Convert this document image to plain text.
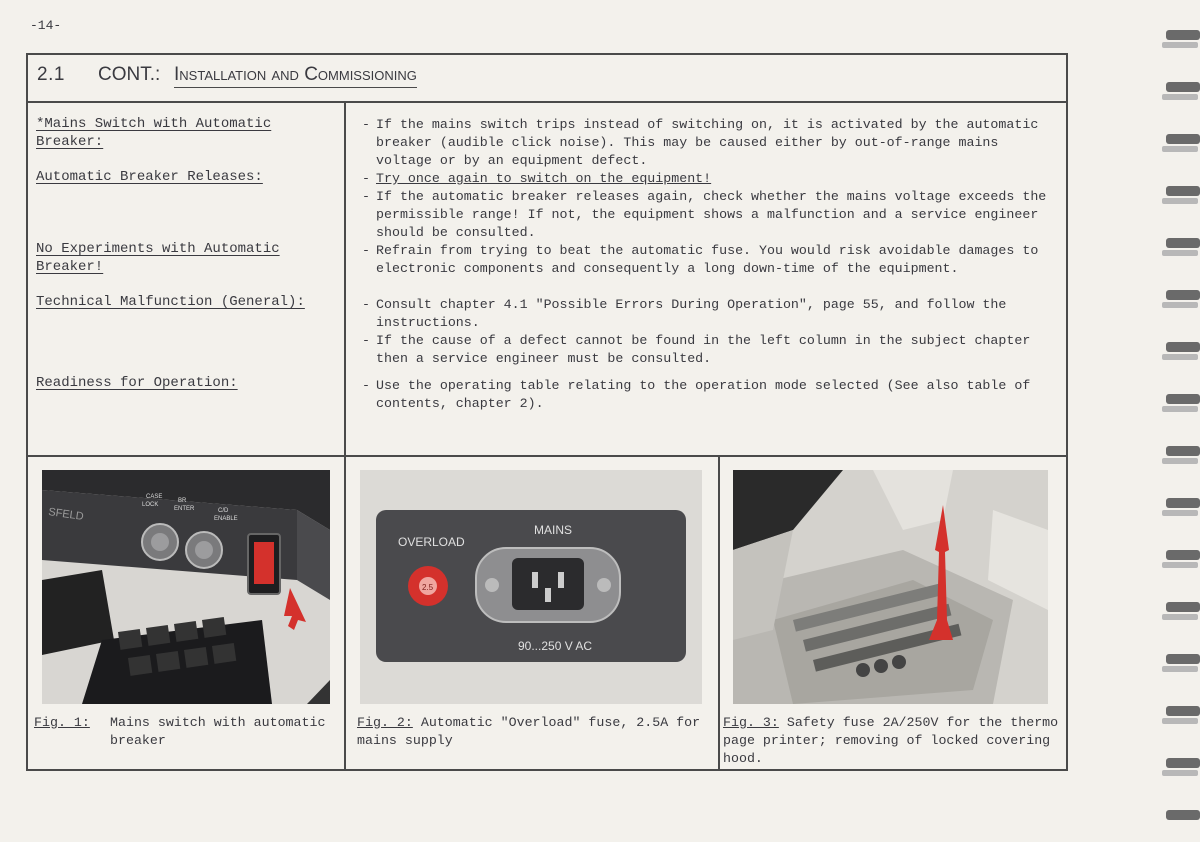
-14-
2.1 CONT.: Installation and Commissioning
*Mains Switch with Automatic Breaker:
Automatic Breaker Releases:
No Experiments with Automatic Breaker!
Technical Malfunction (General):
Readiness for Operation:
- If the mains switch trips instead of switching on, it is activated by the automatic breaker (audible click noise). This may be caused either by out-of-range mains voltage or by an equipment defect.
- Try once again to switch on the equipment!
- If the automatic breaker releases again, check whether the mains voltage exceeds the permissible range! If not, the equipment shows a malfunction and a service engineer should be consulted.
- Refrain from trying to beat the automatic fuse. You would risk avoidable damages to electronic components and consequently a long down-time of the equipment.
- Consult chapter 4.1 "Possible Errors During Operation", page 55, and follow the instructions.
- If the cause of a defect cannot be found in the left column in the subject chapter then a service engineer must be consulted.
- Use the operating table relating to the operation mode selected (See also table of contents, chapter 2).
SFELD
CASE
LOCK
BR
ENTER	C/D
ENABLE
OVERLOAD
MAINS
2.5
90...250 V AC
Fig. 1: Mains switch with automatic breaker
Fig. 2: Automatic "Overload" fuse, 2.5A for mains supply
Fig. 3: Safety fuse 2A/250V for the thermo page printer; removing of locked covering hood.
